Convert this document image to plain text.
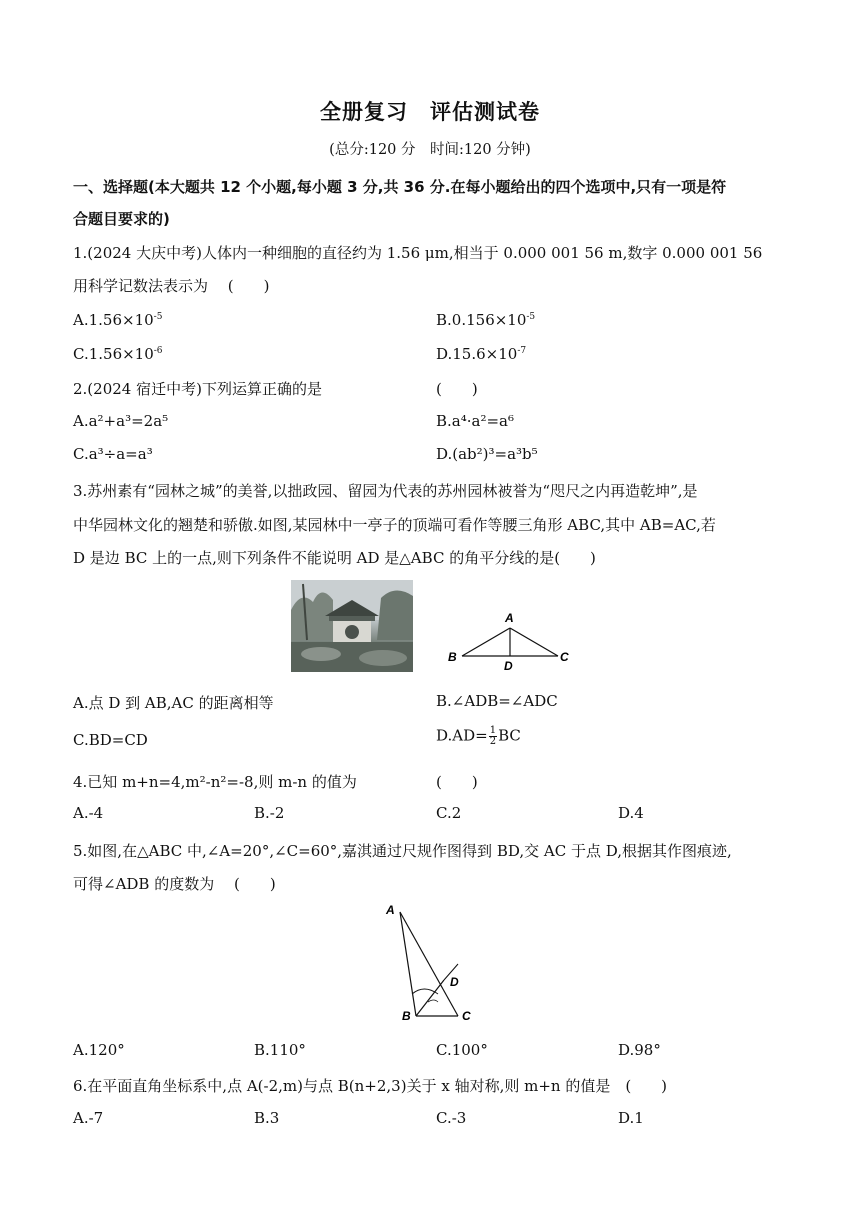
全册复习　评估测试卷
(总分:120 分　时间:120 分钟)
一、选择题(本大题共 12 个小题,每小题 3 分,共 36 分.在每小题给出的四个选项中,只有一项是符
合题目要求的)
1.(2024 大庆中考)人体内一种细胞的直径约为 1.56 μm,相当于 0.000 001 56 m,数字 0.000 001 56
用科学记数法表示为　 (　　)
$A.1.56\times 10^{-5}$	$B.0.156\times 10^{-5}$
$C.1.56\times 10^{-6}$	$D.15.6\times 10^{-7}$
2.(2024 宿迁中考)下列运算正确的是	(　　)
A.a²+a³=2a⁵	B.a⁴·a²=a⁶
C.a³÷a=a³	D.(ab²)³=a³b⁵
3.苏州素有“园林之城”的美誉,以拙政园、留园为代表的苏州园林被誉为“咫尺之内再造乾坤”,是
中华园林文化的翘楚和骄傲.如图,某园林中一亭子的顶端可看作等腰三角形 ABC,其中 AB=AC,若
D 是边 BC 上的一点,则下列条件不能说明 AD 是△ABC 的角平分线的是(　　)
A
B	C
D
A.点 D 到 AB,AC 的距离相等	B.∠ADB=∠ADC
C.BD=CD	$D.AD= \frac{1}{2}$ BC
4.已知 m+n=4,m²-n²=-8,则 m-n 的值为	(　　)
A.-4	B.-2	C.2	D.4
5.如图,在△ABC 中,∠A=20°,∠C=60°,嘉淇通过尺规作图得到 BD,交 AC 于点 D,根据其作图痕迹,
可得∠ADB 的度数为　 (　　)
A
B	C
D
A.120°	B.110°	C.100°	D.98°
6.在平面直角坐标系中,点 A(-2,m)与点 B(n+2,3)关于 x 轴对称,则 m+n 的值是　(　　)
A.-7	B.3	C.-3	D.1
